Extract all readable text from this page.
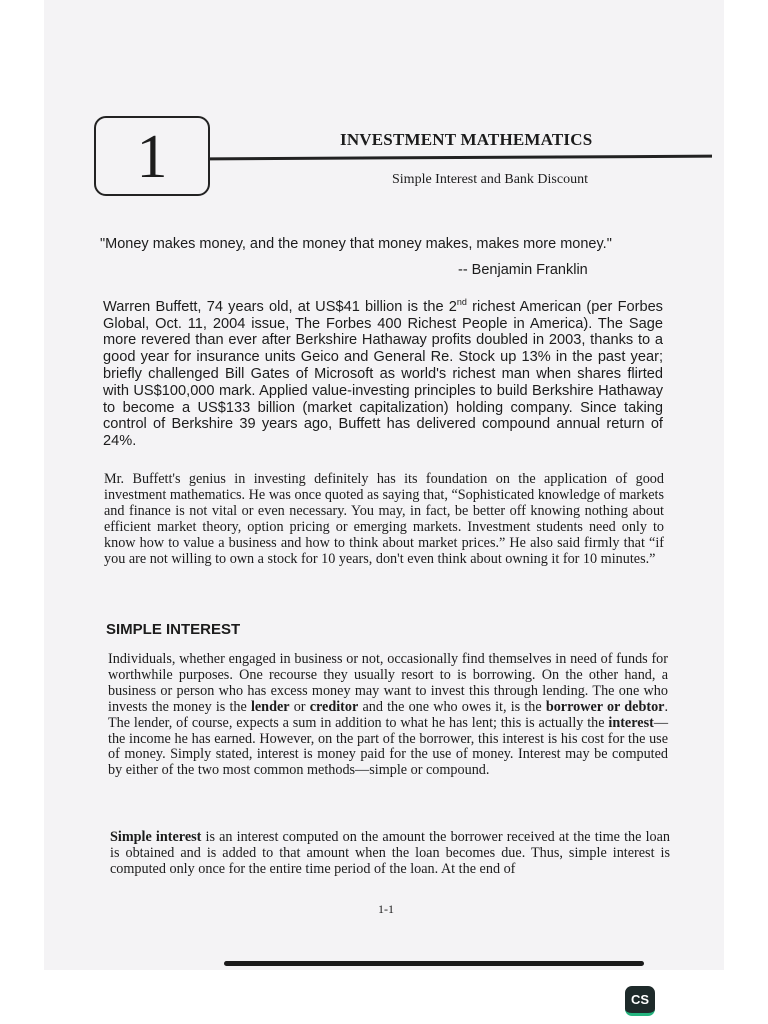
1	INVESTMENT MATHEMATICS
Simple Interest and Bank Discount
"Money makes money, and the money that money makes, makes more money."
-- Benjamin Franklin
Warren Buffett, 74 years old, at US$41 billion is the 2nd richest American (per Forbes Global, Oct. 11, 2004 issue, The Forbes 400 Richest People in America). The Sage more revered than ever after Berkshire Hathaway profits doubled in 2003, thanks to a good year for insurance units Geico and General Re. Stock up 13% in the past year; briefly challenged Bill Gates of Microsoft as world's richest man when shares flirted with US$100,000 mark. Applied value-investing principles to build Berkshire Hathaway to become a US$133 billion (market capitalization) holding company. Since taking control of Berkshire 39 years ago, Buffett has delivered compound annual return of 24%.
Mr. Buffett's genius in investing definitely has its foundation on the application of good investment mathematics. He was once quoted as saying that, “Sophisticated knowledge of markets and finance is not vital or even necessary. You may, in fact, be better off knowing nothing about efficient market theory, option pricing or emerging markets. Investment students need only to know how to value a business and how to think about market prices.” He also said firmly that “if you are not willing to own a stock for 10 years, don't even think about owning it for 10 minutes.”
SIMPLE INTEREST
Individuals, whether engaged in business or not, occasionally find themselves in need of funds for worthwhile purposes. One recourse they usually resort to is borrowing. On the other hand, a business or person who has excess money may want to invest this through lending. The one who invests the money is the lender or creditor and the one who owes it, is the borrower or debtor. The lender, of course, expects a sum in addition to what he has lent; this is actually the interest—the income he has earned. However, on the part of the borrower, this interest is his cost for the use of money. Simply stated, interest is money paid for the use of money. Interest may be computed by either of the two most common methods—simple or compound.
Simple interest is an interest computed on the amount the borrower received at the time the loan is obtained and is added to that amount when the loan becomes due. Thus, simple interest is computed only once for the entire time period of the loan. At the end of
1-1
CS
